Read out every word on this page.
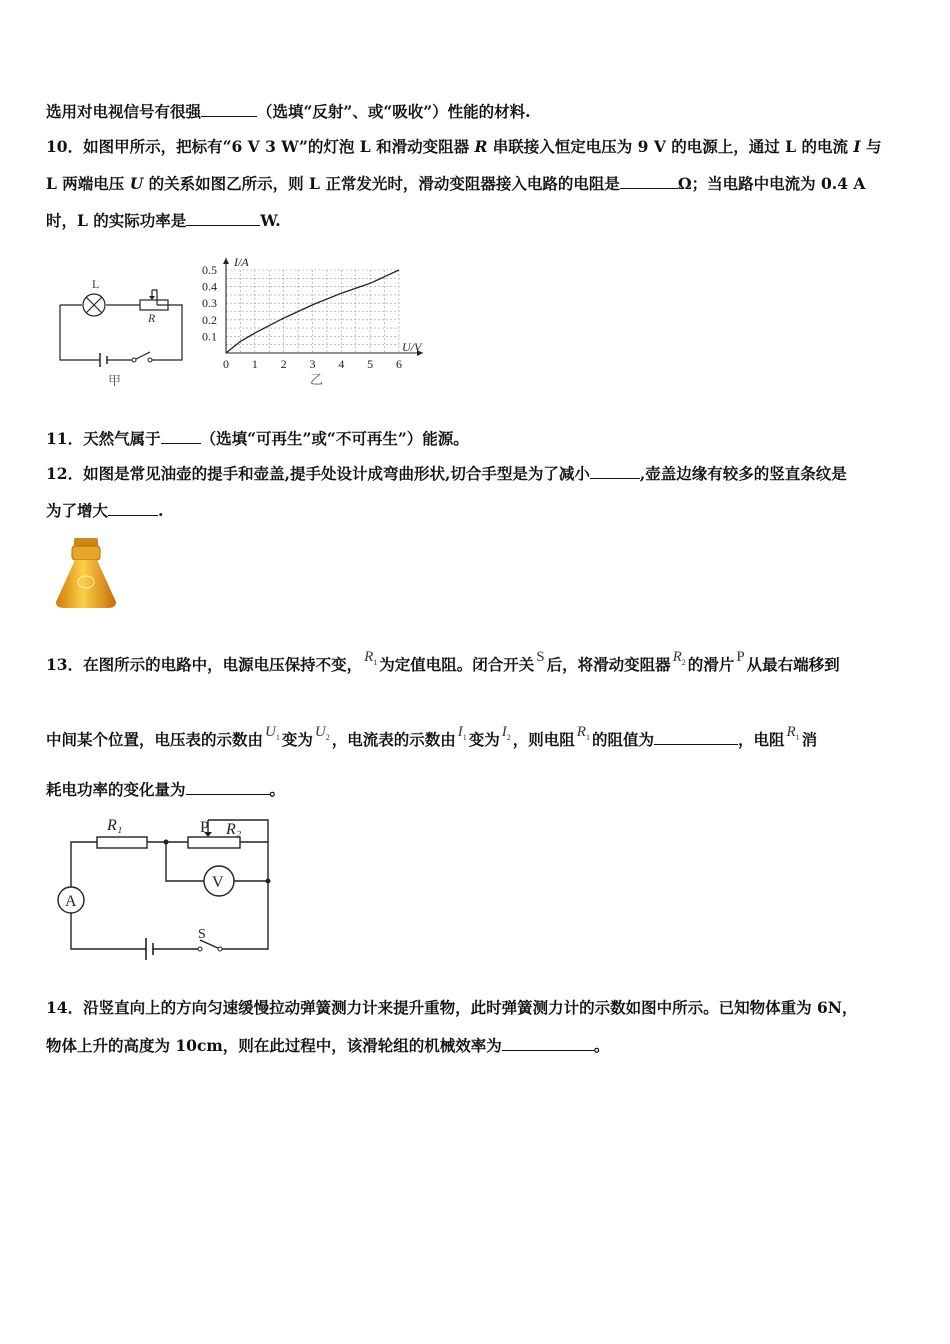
选用对电视信号有很强	（选填“反射”、或“吸收”）性能的材料.
10．如图甲所示，把标有“6 V 3 W”的灯泡 L 和滑动变阻器 R 串联接入恒定电压为 9 V 的电源上，通过 L 的电流 I 与
L 两端电压 U 的关系如图乙所示，则 L 正常发光时，滑动变阻器接入电路的电阻是	Ω；当电路中电流为 0.4 A
时，L 的实际功率是	W.
L
R
甲
0 1 2 3 4 5 6
0.1
0.2
0.3
0.4
0.5
I/A
U/V
乙
11．天然气属于	（选填“可再生”或“不可再生”）能源。
12．如图是常见油壶的提手和壶盖,提手处设计成弯曲形状,切合手型是为了减小	,壶盖边缘有较多的竖直条纹是
为了增大	.
13．在图所示的电路中，电源电压保持不变， $R_1$ 为定值电阻。闭合开关 S 后，将滑动变阻器 $R_2$ 的滑片 P 从最右端移到
中间某个位置，电压表的示数由 $U_1$ 变为 $U_2$ ，电流表的示数由 $I_1$ 变为 $I_2$ ，则电阻 $R_1$ 的阻值为	，电阻 $R_1$ 消
耗电功率的变化量为	。
R₁	P R₂
A
V
S
14．沿竖直向上的方向匀速缓慢拉动弹簧测力计来提升重物，此时弹簧测力计的示数如图中所示。已知物体重为 6N，
物体上升的高度为 10cm，则在此过程中，该滑轮组的机械效率为	。
